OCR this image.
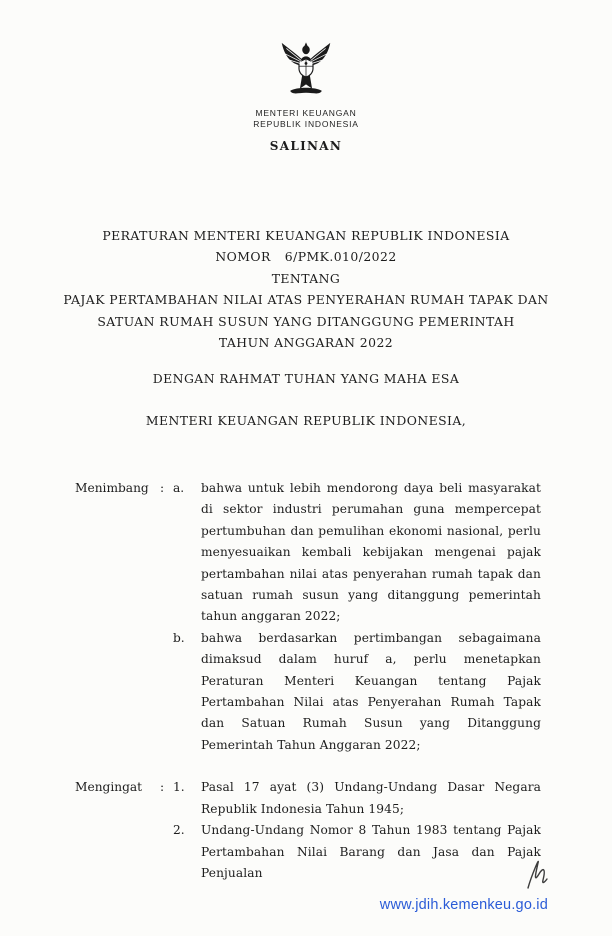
MENTERI KEUANGAN
REPUBLIK INDONESIA
SALINAN
PERATURAN MENTERI KEUANGAN REPUBLIK INDONESIA
NOMOR 6/PMK.010/2022
TENTANG
PAJAK PERTAMBAHAN NILAI ATAS PENYERAHAN RUMAH TAPAK DAN
SATUAN RUMAH SUSUN YANG DITANGGUNG PEMERINTAH
TAHUN ANGGARAN 2022
DENGAN RAHMAT TUHAN YANG MAHA ESA
MENTERI KEUANGAN REPUBLIK INDONESIA,
Menimbang : a.	bahwa untuk lebih mendorong daya beli masyarakat di sektor industri perumahan guna mempercepat pertumbuhan dan pemulihan ekonomi nasional, perlu menyesuaikan kembali kebijakan mengenai pajak pertambahan nilai atas penyerahan rumah tapak dan satuan rumah susun yang ditanggung pemerintah tahun anggaran 2022;
b.	bahwa berdasarkan pertimbangan sebagaimana dimaksud dalam huruf a, perlu menetapkan Peraturan Menteri Keuangan tentang Pajak Pertambahan Nilai atas Penyerahan Rumah Tapak dan Satuan Rumah Susun yang Ditanggung Pemerintah Tahun Anggaran 2022;
Mengingat	: 1.	Pasal 17 ayat (3) Undang-Undang Dasar Negara Republik Indonesia Tahun 1945;
2.	Undang-Undang Nomor 8 Tahun 1983 tentang Pajak Pertambahan Nilai Barang dan Jasa dan Pajak Penjualan
www.jdih.kemenkeu.go.id
